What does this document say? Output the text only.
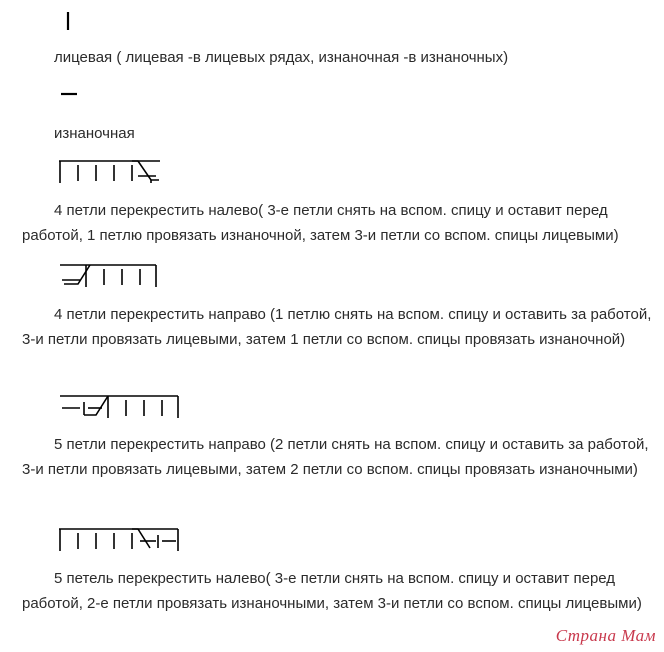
лицевая ( лицевая -в лицевых рядах, изнаночная -в изнаночных)

изнаночная

4 петли перекрестить налево( 3-е петли снять на вспом. спицу и оставит перед работой, 1 петлю провязать изнаночной, затем 3-и петли со вспом. спицы лицевыми)

4 петли перекрестить направо (1 петлю снять на вспом. спицу и оставить за работой, 3-и петли провязать лицевыми, затем 1 петли со вспом. спицы провязать изнаночной)

5 петли перекрестить направо (2 петли снять на вспом. спицу и оставить за работой, 3-и петли провязать лицевыми, затем 2 петли со вспом. спицы провязать изнаночными)

5 петель перекрестить налево( 3-е петли снять на вспом. спицу и оставит перед работой, 2-е петли провязать изнаночными, затем 3-и петли со вспом. спицы лицевыми)

Страна Мам
